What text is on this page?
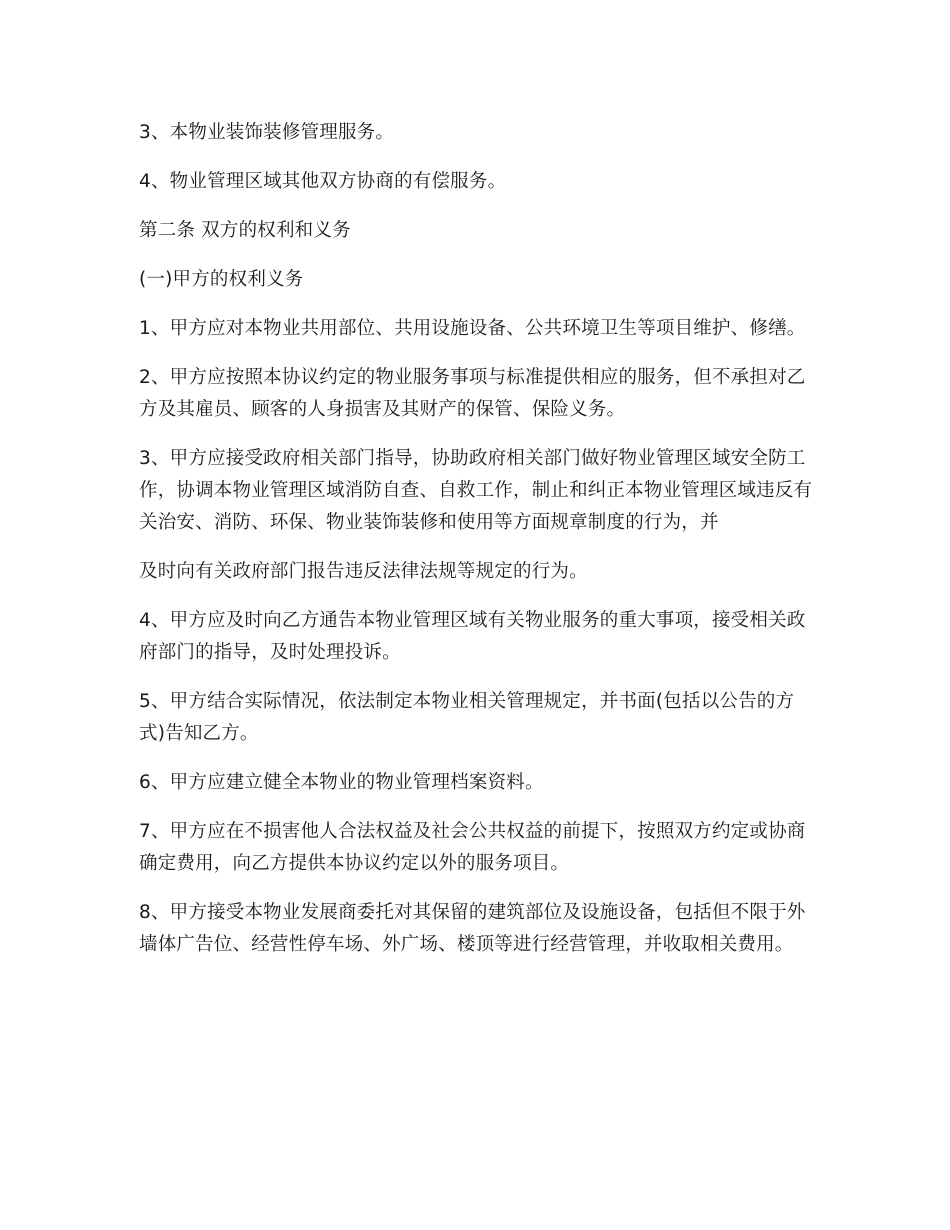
3、本物业装饰装修管理服务。

4、物业管理区域其他双方协商的有偿服务。

第二条 双方的权利和义务

(一)甲方的权利义务

1、甲方应对本物业共用部位、共用设施设备、公共环境卫生等项目维护、修缮。

2、甲方应按照本协议约定的物业服务事项与标准提供相应的服务，但不承担对乙方及其雇员、顾客的人身损害及其财产的保管、保险义务。

3、甲方应接受政府相关部门指导，协助政府相关部门做好物业管理区域安全防工作，协调本物业管理区域消防自查、自救工作，制止和纠正本物业管理区域违反有关治安、消防、环保、物业装饰装修和使用等方面规章制度的行为，并

及时向有关政府部门报告违反法律法规等规定的行为。

4、甲方应及时向乙方通告本物业管理区域有关物业服务的重大事项，接受相关政府部门的指导，及时处理投诉。

5、甲方结合实际情况，依法制定本物业相关管理规定，并书面(包括以公告的方式)告知乙方。

6、甲方应建立健全本物业的物业管理档案资料。

7、甲方应在不损害他人合法权益及社会公共权益的前提下，按照双方约定或协商确定费用，向乙方提供本协议约定以外的服务项目。

8、甲方接受本物业发展商委托对其保留的建筑部位及设施设备，包括但不限于外墙体广告位、经营性停车场、外广场、楼顶等进行经营管理，并收取相关费用。
